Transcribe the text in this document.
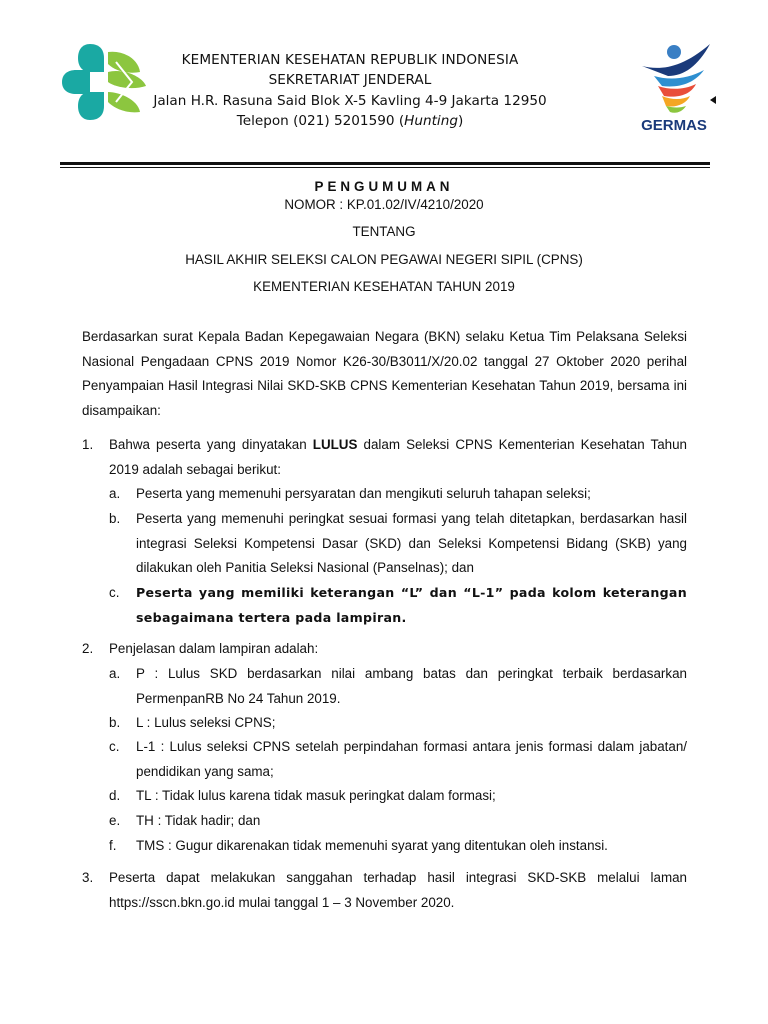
KEMENTERIAN KESEHATAN REPUBLIK INDONESIA
SEKRETARIAT JENDERAL
Jalan H.R. Rasuna Said Blok X-5 Kavling 4-9 Jakarta 12950
Telepon (021) 5201590 (Hunting)	GERMAS
PENGUMUMAN
NOMOR : KP.01.02/IV/4210/2020
TENTANG
HASIL AKHIR SELEKSI CALON PEGAWAI NEGERI SIPIL (CPNS)
KEMENTERIAN KESEHATAN TAHUN 2019

Berdasarkan surat Kepala Badan Kepegawaian Negara (BKN) selaku Ketua Tim Pelaksana Seleksi Nasional Pengadaan CPNS 2019 Nomor K26-30/B3011/X/20.02 tanggal 27 Oktober 2020 perihal Penyampaian Hasil Integrasi Nilai SKD-SKB CPNS Kementerian Kesehatan Tahun 2019, bersama ini disampaikan:

1.	Bahwa peserta yang dinyatakan LULUS dalam Seleksi CPNS Kementerian Kesehatan Tahun 2019 adalah sebagai berikut:
a.	Peserta yang memenuhi persyaratan dan mengikuti seluruh tahapan seleksi;
b.	Peserta yang memenuhi peringkat sesuai formasi yang telah ditetapkan, berdasarkan hasil integrasi Seleksi Kompetensi Dasar (SKD) dan Seleksi Kompetensi Bidang (SKB) yang dilakukan oleh Panitia Seleksi Nasional (Panselnas); dan
c.	Peserta yang memiliki keterangan “L” dan “L-1” pada kolom keterangan sebagaimana tertera pada lampiran.
2.	Penjelasan dalam lampiran adalah:
a.	P : Lulus SKD berdasarkan nilai ambang batas dan peringkat terbaik berdasarkan PermenpanRB No 24 Tahun 2019.
b.	L : Lulus seleksi CPNS;
c.	L-1 : Lulus seleksi CPNS setelah perpindahan formasi antara jenis formasi dalam jabatan/ pendidikan yang sama;
d.	TL : Tidak lulus karena tidak masuk peringkat dalam formasi;
e.	TH : Tidak hadir; dan
f.	TMS : Gugur dikarenakan tidak memenuhi syarat yang ditentukan oleh instansi.
3.	Peserta dapat melakukan sanggahan terhadap hasil integrasi SKD-SKB melalui laman https://sscn.bkn.go.id mulai tanggal 1 – 3 November 2020.
